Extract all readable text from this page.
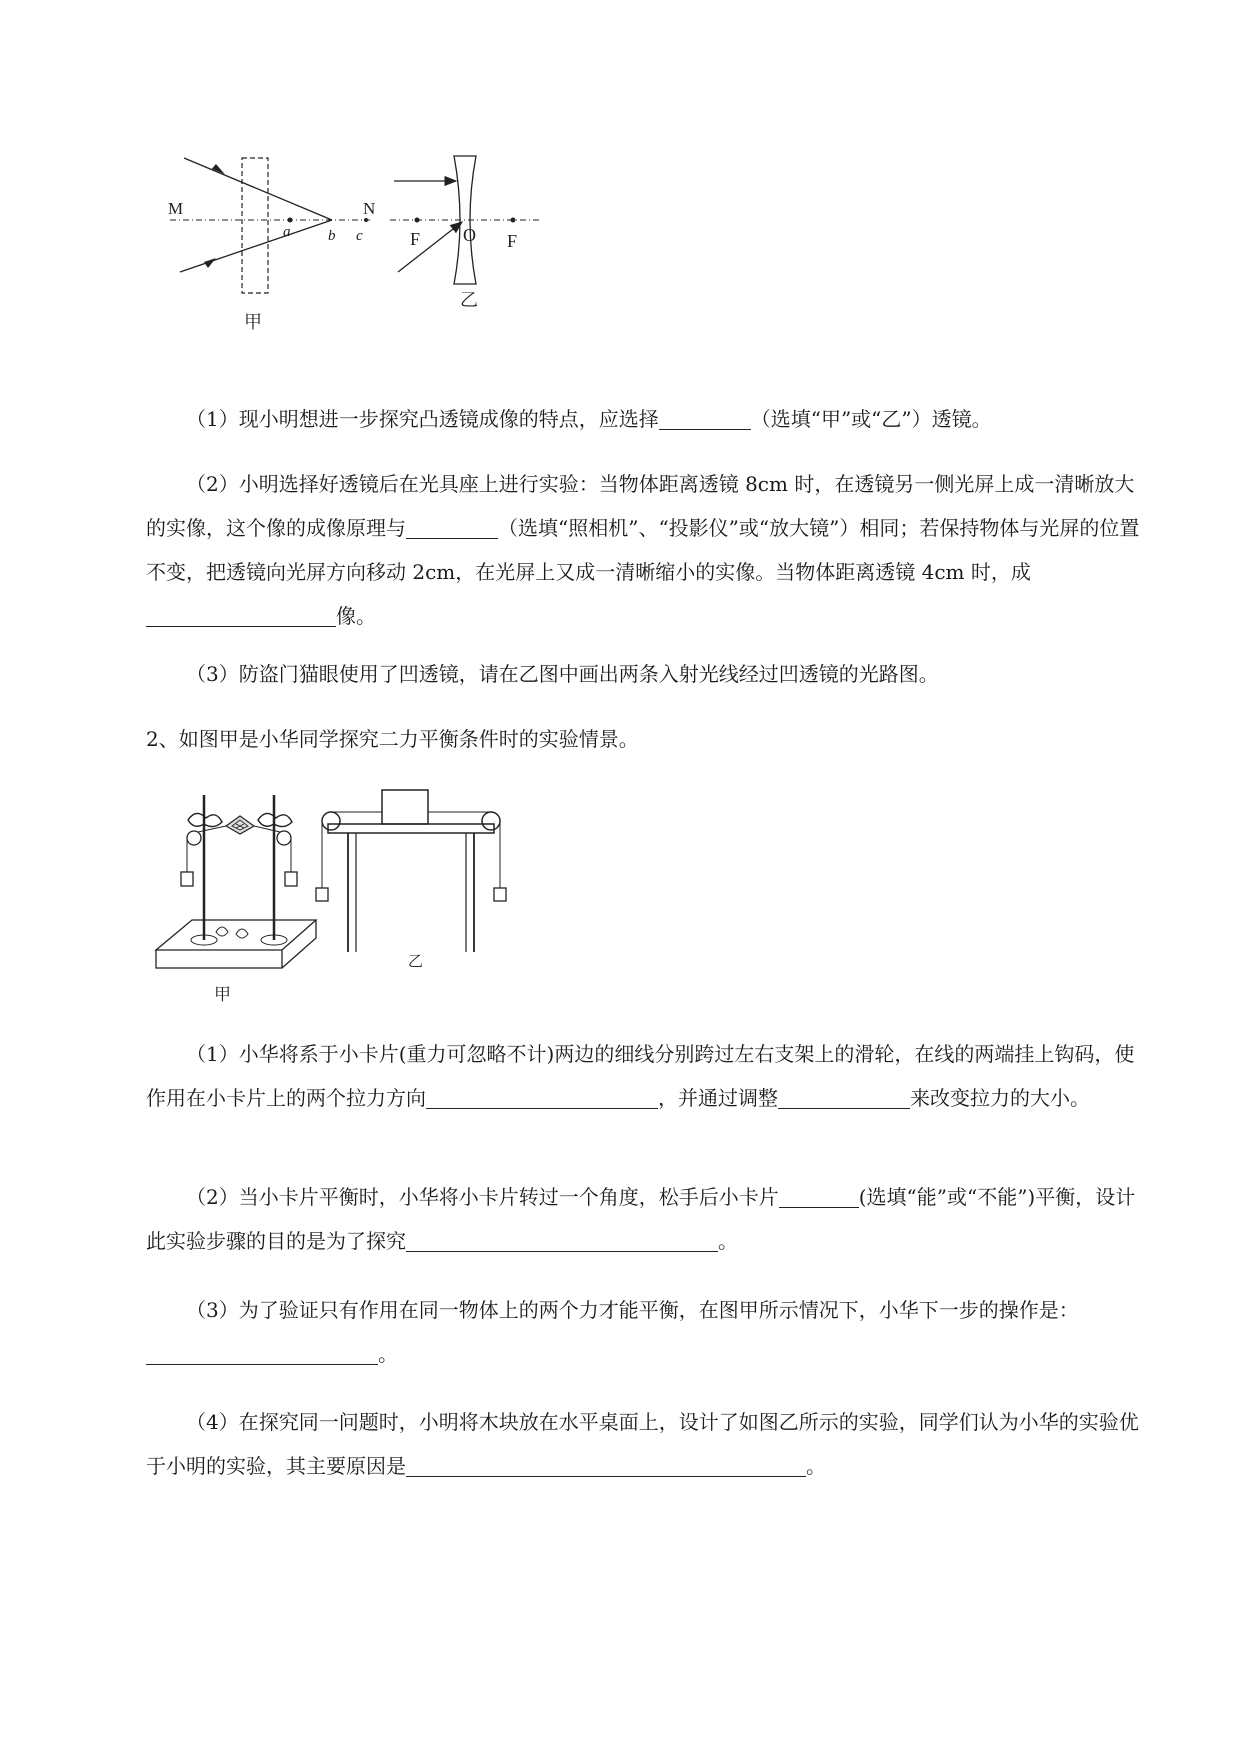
M	N
a	b c
甲
F O F
乙

（1）现小明想进一步探究凸透镜成像的特点，应选择	（选填“甲”或“乙”）透镜。

（2）小明选择好透镜后在光具座上进行实验：当物体距离透镜 8cm 时，在透镜另一侧光屏上成一清晰放大的实像，这个像的成像原理与	（选填“照相机”、“投影仪”或“放大镜”）相同；若保持物体与光屏的位置不变，把透镜向光屏方向移动 2cm，在光屏上又成一清晰缩小的实像。当物体距离透镜 4cm 时，成像。

（3）防盗门猫眼使用了凹透镜，请在乙图中画出两条入射光线经过凹透镜的光路图。

2、如图甲是小华同学探究二力平衡条件时的实验情景。

甲
乙

（1）小华将系于小卡片(重力可忽略不计)两边的细线分别跨过左右支架上的滑轮，在线的两端挂上钩码，使作用在小卡片上的两个拉力方向	，并通过调整	来改变拉力的大小。

（2）当小卡片平衡时，小华将小卡片转过一个角度，松手后小卡片	(选填“能”或“不能”)平衡，设计此实验步骤的目的是为了探究	。

（3）为了验证只有作用在同一物体上的两个力才能平衡，在图甲所示情况下，小华下一步的操作是：。

（4）在探究同一问题时，小明将木块放在水平桌面上，设计了如图乙所示的实验，同学们认为小华的实验优于小明的实验，其主要原因是	。
